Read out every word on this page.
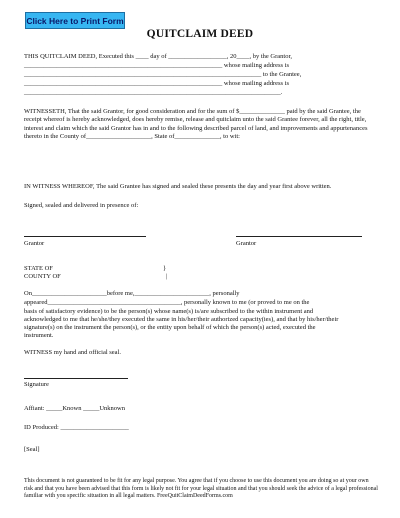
Click Here to Print Form
QUITCLAIM DEED
THIS QUITCLAIM DEED, Executed this ____ day of __________________, 20____, by the Grantor,
_____________________________________________________________ whose mailing address is
_________________________________________________________________________ to the Grantee,
_____________________________________________________________ whose mailing address is
_______________________________________________________________________________.
WITNESSETH, That the said Grantor, for good consideration and for the sum of $______________ paid by the said Grantee, the receipt whereof is hereby acknowledged, does hereby remise, release and quitclaim unto the said Grantee forever, all the right, title, interest and claim which the said Grantor has in and to the following described parcel of land, and improvements and appurtenances thereto in the County of____________________, State of______________, to wit:
IN WITNESS WHEREOF, The said Grantee has signed and sealed these presents the day and year first above written.
Signed, sealed and delivered in presence of:
Grantor	Grantor
STATE OF	}
COUNTY OF	|
On_______________________before me,_______________________, personally
appeared_________________________________________, personally known to me (or proved to me on the
basis of satisfactory evidence) to be the person(s) whose name(s) is/are subscribed to the within instrument and
acknowledged to me that he/she/they executed the same in his/her/their authorized capacity(ies), and that by his/her/their
signature(s) on the instrument the person(s), or the entity upon behalf of which the person(s) acted, executed the
instrument.
WITNESS my hand and official seal.
Signature
Affiant: _____Known _____Unknown
ID Produced: _____________________
[Seal]
This document is not guaranteed to be fit for any legal purpose. You agree that if you choose to use this document you are doing so at your own risk and that you have been advised that this form is likely not fit for your legal situation and that you should seek the advice of a legal professional familiar with you specific situation in all legal matters. FreeQuitClaimDeedForms.com
